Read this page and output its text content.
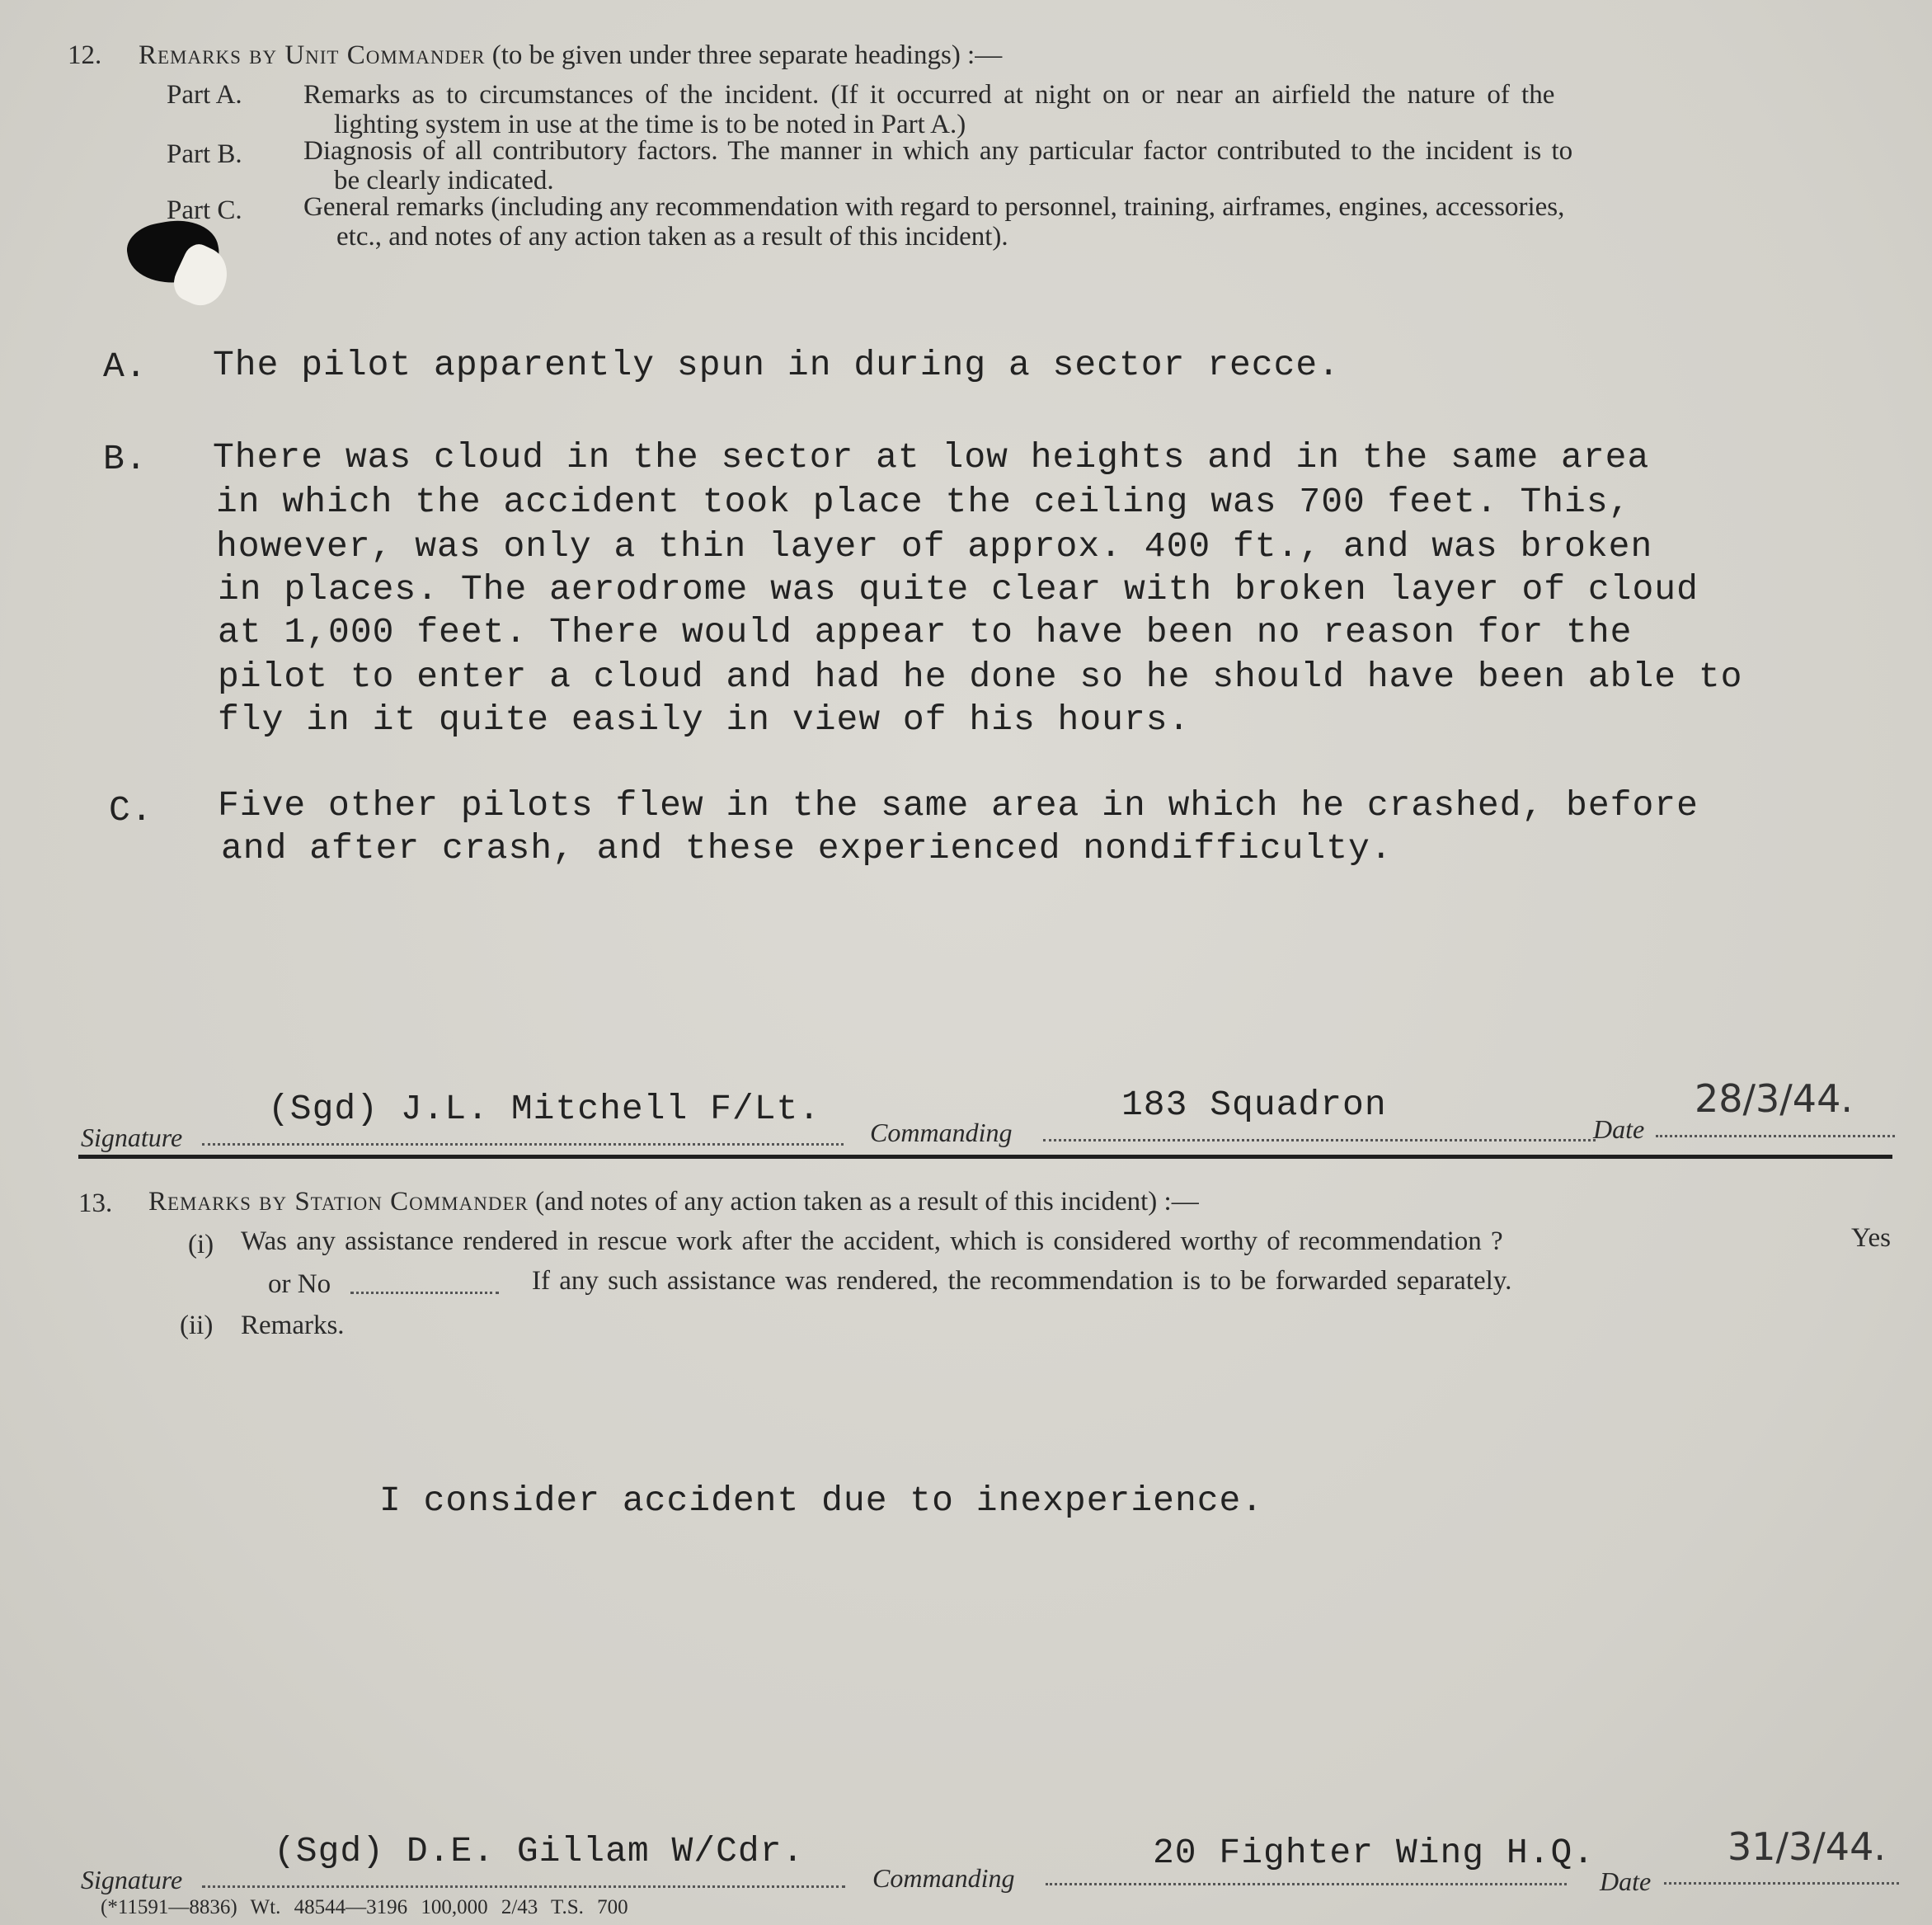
12. Remarks by Unit Commander (to be given under three separate headings) :—
Part A. Remarks as to circumstances of the incident. (If it occurred at night on or near an airfield the nature of the
lighting system in use at the time is to be noted in Part A.)
Part B. Diagnosis of all contributory factors. The manner in which any particular factor contributed to the incident is to
be clearly indicated.
Part C. General remarks (including any recommendation with regard to personnel, training, airframes, engines, accessories,
etc., and notes of any action taken as a result of this incident).
A. The pilot apparently spun in during a sector recce.
B. There was cloud in the sector at low heights and in the same area
in which the accident took place the ceiling was 700 feet. This,
however, was only a thin layer of approx. 400 ft., and was broken
in places. The aerodrome was quite clear with broken layer of cloud
at 1,000 feet. There would appear to have been no reason for the
pilot to enter a cloud and had he done so he should have been able to
fly in it quite easily in view of his hours.
C. Five other pilots flew in the same area in which he crashed, before
and after crash, and these experienced nondifficulty.
Signature
(Sgd) J.L. Mitchell F/Lt.
Commanding
183 Squadron
Date
28/3/44.
13. Remarks by Station Commander (and notes of any action taken as a result of this incident) :—
(i) Was any assistance rendered in rescue work after the accident, which is considered worthy of recommendation ?	Yes
or No	If any such assistance was rendered, the recommendation is to be forwarded separately.
(ii) Remarks.
I consider accident due to inexperience.
Signature
(Sgd) D.E. Gillam W/Cdr.
Commanding
20 Fighter Wing H.Q.
Date
31/3/44.
(*11591—8836) Wt. 48544—3196 100,000 2/43 T.S. 700
